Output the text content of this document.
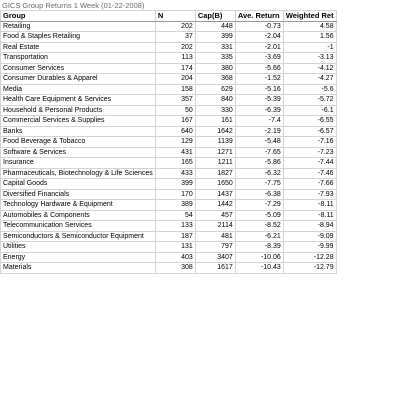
GICS Group Returns 1 Week (01-22-2008)
Group	N	Cap(B)	Ave. Return	Weighted Ret
Retailing	202	448	-0.73	4.58
Food & Staples Retailing	37	399	-2.04	1.56
Real Estate	202	331	-2.01	-1
Transportation	113	335	-3.69	-3.13
Consumer Services	174	380	-5.66	-4.12
Consumer Durables & Apparel	204	368	-1.52	-4.27
Media	158	629	-5.16	-5.6
Health Care Equipment & Services	357	840	-5.39	-5.72
Household & Personal Products	50	330	-6.39	-6.1
Commercial Services & Supplies	167	161	-7.4	-6.55
Banks	640	1642	-2.19	-6.57
Food Beverage & Tobacco	129	1139	-5.48	-7.16
Software & Services	431	1271	-7.65	-7.23
Insurance	165	1211	-5.86	-7.44
Pharmaceuticals, Biotechnology & Life Sciences	433	1827	-6.32	-7.46
Capital Goods	399	1650	-7.75	-7.66
Diversified Financials	170	1437	-6.38	-7.93
Technology Hardware & Equipment	389	1442	-7.29	-8.11
Automobiles & Components	54	457	-5.09	-8.11
Telecommunication Services	133	2114	-8.52	-8.94
Semiconductors & Semiconductor Equipment	187	481	-6.21	-9.09
Utilities	131	797	-8.39	-9.99
Energy	403	3407	-10.06	-12.28
Materials	308	1617	-10.43	-12.79
